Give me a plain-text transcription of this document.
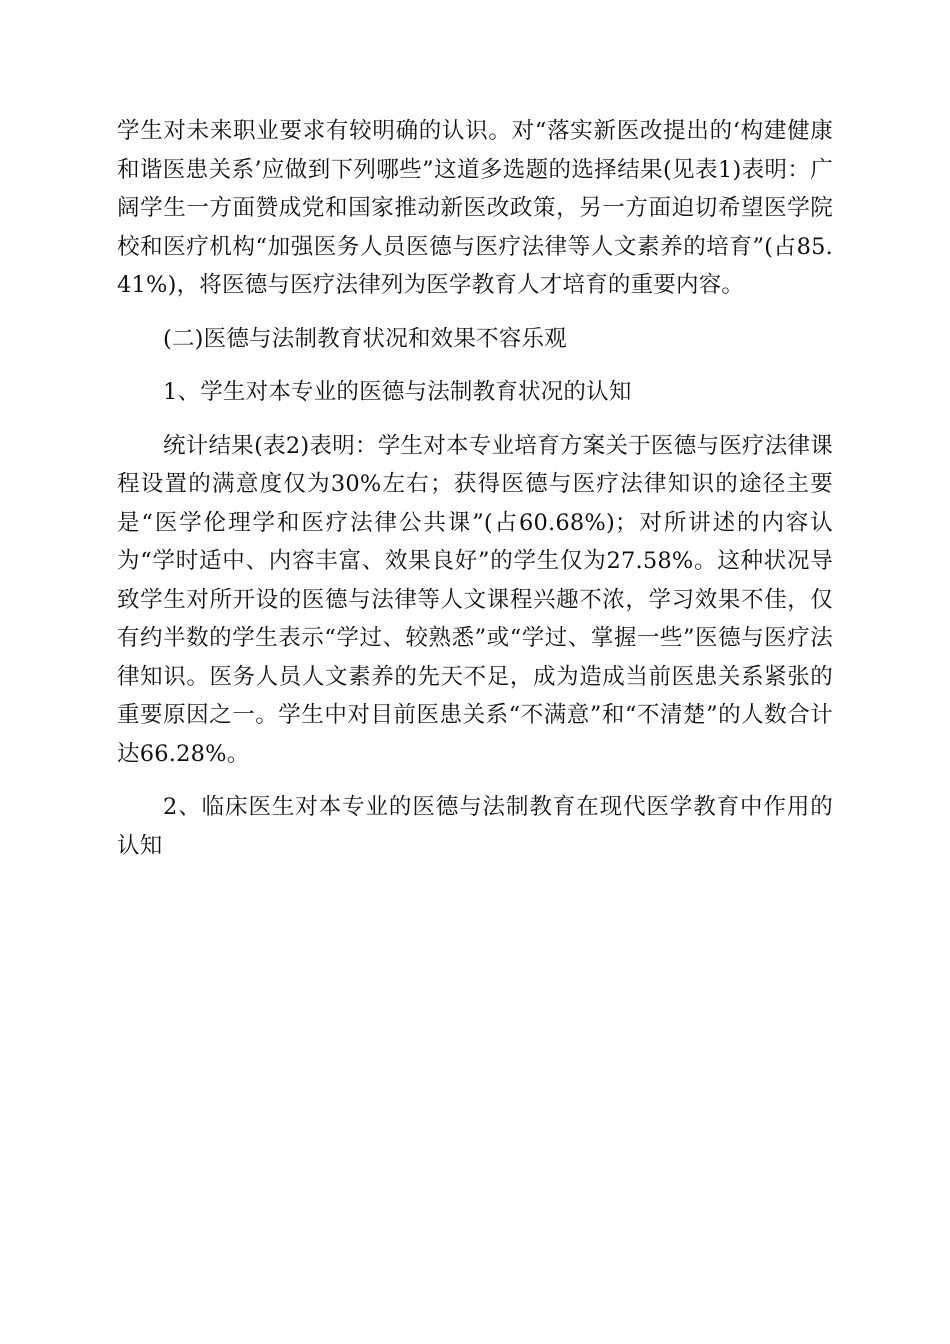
学生对未来职业要求有较明确的认识。对“落实新医改提出的‘构建健康和谐医患关系’应做到下列哪些”这道多选题的选择结果(见表1)表明：广阔学生一方面赞成党和国家推动新医改政策，另一方面迫切希望医学院校和医疗机构“加强医务人员医德与医疗法律等人文素养的培育”(占85.41%)，将医德与医疗法律列为医学教育人才培育的重要内容。

(二)医德与法制教育状况和效果不容乐观

1、学生对本专业的医德与法制教育状况的认知

统计结果(表2)表明：学生对本专业培育方案关于医德与医疗法律课程设置的满意度仅为30%左右；获得医德与医疗法律知识的途径主要是“医学伦理学和医疗法律公共课”(占60.68%)；对所讲述的内容认为“学时适中、内容丰富、效果良好”的学生仅为27.58%。这种状况导致学生对所开设的医德与法律等人文课程兴趣不浓，学习效果不佳，仅有约半数的学生表示“学过、较熟悉”或“学过、掌握一些”医德与医疗法律知识。医务人员人文素养的先天不足，成为造成当前医患关系紧张的重要原因之一。学生中对目前医患关系“不满意”和“不清楚”的人数合计达66.28%。

2、临床医生对本专业的医德与法制教育在现代医学教育中作用的认知
